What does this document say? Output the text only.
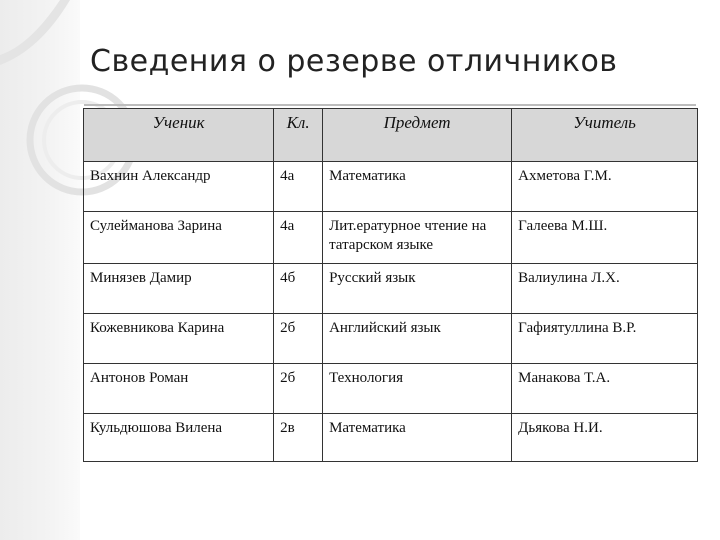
Сведения о резерве отличников
Ученик	Кл.	Предмет	Учитель
Вахнин Александр	4а	Математика	Ахметова Г.М.
Сулейманова Зарина	4а	Лит.ературное чтение на татарском языке	Галеева М.Ш.
Минязев Дамир	4б	Русский язык	Валиулина Л.Х.
Кожевникова Карина	2б	Английский язык	Гафиятуллина В.Р.
Антонов Роман	2б	Технология	Манакова Т.А.
Кульдюшова Вилена	2в	Математика	Дьякова Н.И.
